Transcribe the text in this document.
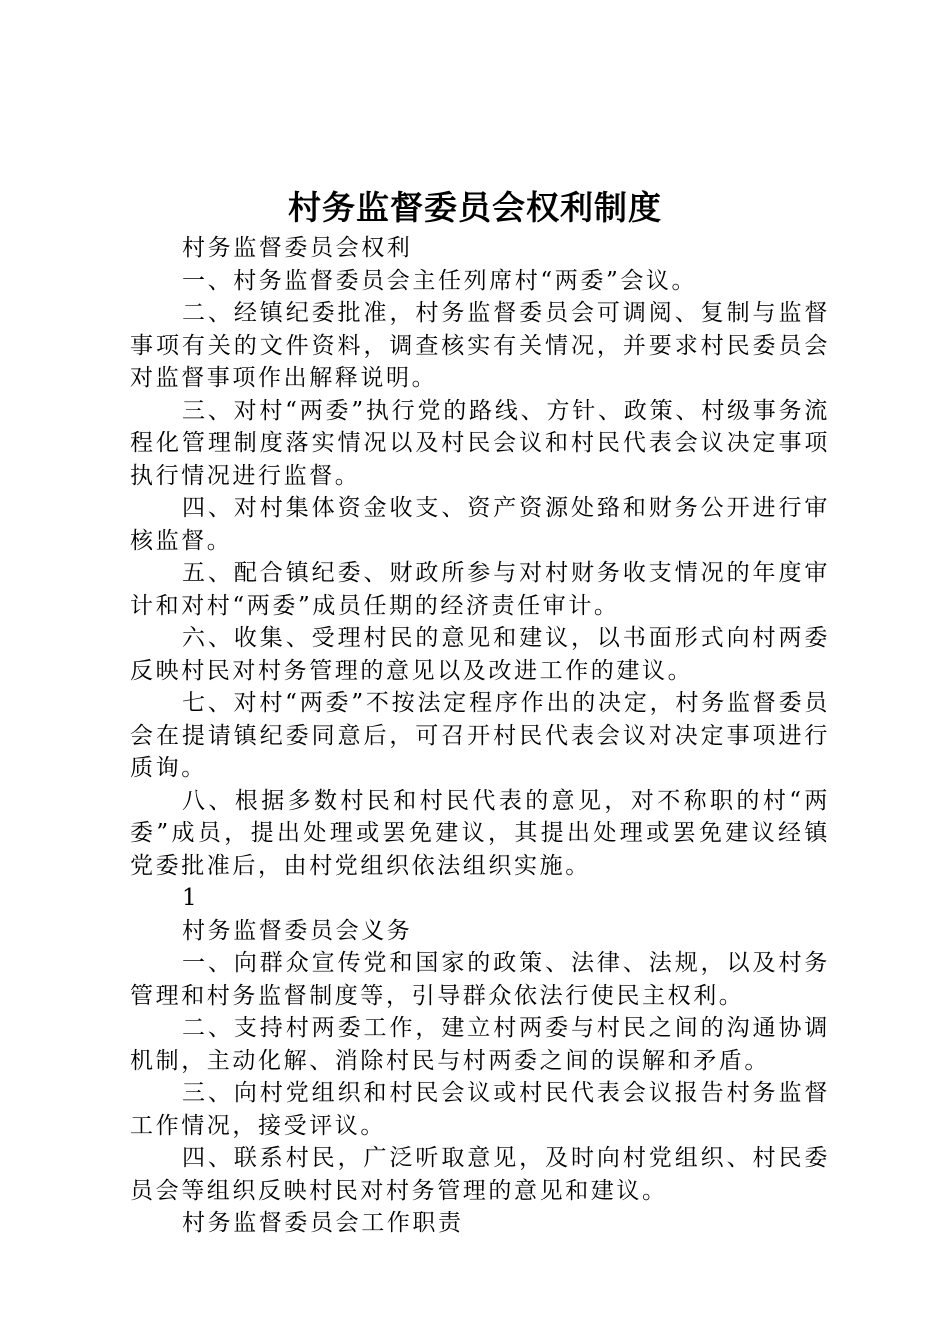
村务监督委员会权利制度

村务监督委员会权利

一、村务监督委员会主任列席村“两委”会议。

二、经镇纪委批准，村务监督委员会可调阅、复制与监督事项有关的文件资料，调查核实有关情况，并要求村民委员会对监督事项作出解释说明。

三、对村“两委”执行党的路线、方针、政策、村级事务流程化管理制度落实情况以及村民会议和村民代表会议决定事项执行情况进行监督。

四、对村集体资金收支、资产资源处臵和财务公开进行审核监督。

五、配合镇纪委、财政所参与对村财务收支情况的年度审计和对村“两委”成员任期的经济责任审计。

六、收集、受理村民的意见和建议，以书面形式向村两委反映村民对村务管理的意见以及改进工作的建议。

七、对村“两委”不按法定程序作出的决定，村务监督委员会在提请镇纪委同意后，可召开村民代表会议对决定事项进行质询。

八、根据多数村民和村民代表的意见，对不称职的村“两委”成员，提出处理或罢免建议，其提出处理或罢免建议经镇党委批准后，由村党组织依法组织实施。

1

村务监督委员会义务

一、向群众宣传党和国家的政策、法律、法规，以及村务管理和村务监督制度等，引导群众依法行使民主权利。

二、支持村两委工作，建立村两委与村民之间的沟通协调机制，主动化解、消除村民与村两委之间的误解和矛盾。

三、向村党组织和村民会议或村民代表会议报告村务监督工作情况，接受评议。

四、联系村民，广泛听取意见，及时向村党组织、村民委员会等组织反映村民对村务管理的意见和建议。

村务监督委员会工作职责
